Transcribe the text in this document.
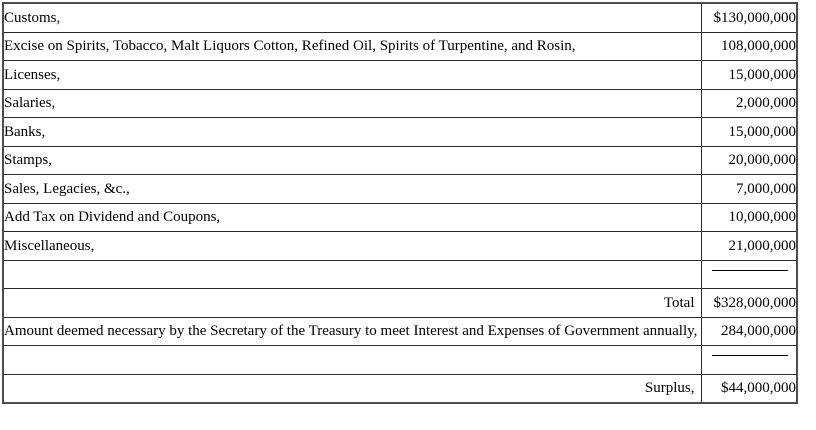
Customs,	$130,000,000
Excise on Spirits, Tobacco, Malt Liquors Cotton, Refined Oil, Spirits of Turpentine, and Rosin,	108,000,000
Licenses,	15,000,000
Salaries,	2,000,000
Banks,	15,000,000
Stamps,	20,000,000
Sales, Legacies, &c.,	7,000,000
Add Tax on Dividend and Coupons,	10,000,000
Miscellaneous,	21,000,000

Total	$328,000,000
Amount deemed necessary by the Secretary of the Treasury to meet Interest and Expenses of Government annually,	284,000,000

Surplus,	$44,000,000
